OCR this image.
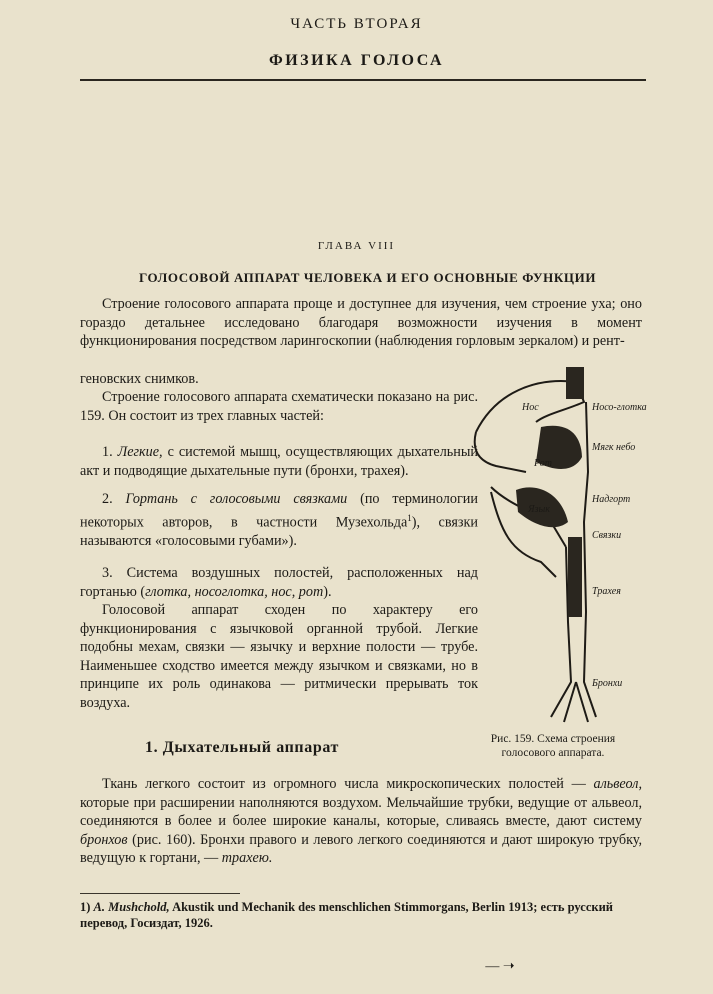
ЧАСТЬ ВТОРАЯ
ФИЗИКА ГОЛОСА
ГЛАВА VIII
ГОЛОСОВОЙ АППАРАТ ЧЕЛОВЕКА И ЕГО ОСНОВНЫЕ ФУНКЦИИ
Строение голосового аппарата проще и доступнее для изучения, чем строение уха; оно гораздо детальнее исследовано благодаря возможности изучения в момент функционирования посредством ларингоскопии (наблюдения горловым зеркалом) и рент-
геновских снимков.
Строение голосового аппарата схематически показано на рис. 159. Он состоит из трех главных частей:
1. Легкие, с системой мышц, осуществляющих дыхательный акт и подводящие дыхательные пути (бронхи, трахея).
2. Гортань с голосовыми связками (по терминологии некоторых авторов, в частности Музехольда$^1$), связки называются «голосовыми губами»).
3. Система воздушных полостей, расположенных над гортанью (глотка, носоглотка, нос, рот).
Голосовой аппарат сходен по характеру его функционирования с язычковой органной трубой. Легкие подобны мехам, связки — язычку и верхние полости — трубе. Наименьшее сходство имеется между язычком и связками, но в принципе их роль одинакова — ритмически прерывать ток воздуха.
Нос	Носо-глотка
Мягк небо
Рот
Язык
Надгорт
Связки
Трахея
Бронхи
Рис. 159. Схема строения
голосового аппарата.
1. Дыхательный аппарат
Ткань легкого состоит из огромного числа микроскопических полостей — альвеол, которые при расширении наполняются воздухом. Мельчайшие трубки, ведущие от альвеол, соединяются в более и более широкие каналы, которые, сливаясь вместе, дают систему бронхов (рис. 160). Бронхи правого и левого легкого соединяются и дают широкую трубку, ведущую к гортани, — трахею.
1) A. Mushchold, Akustik und Mechanik des menschlichen Stimmorgans, Berlin 1913; есть русский перевод, Госиздат, 1926.
— ➝
